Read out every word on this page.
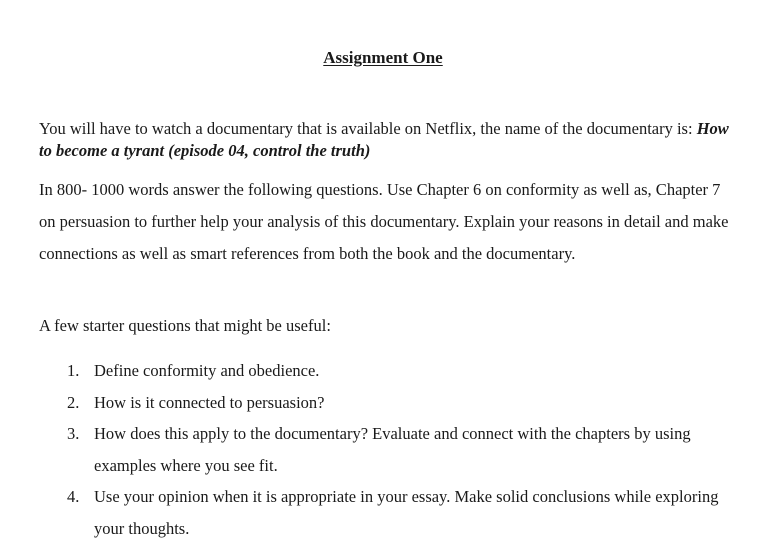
Assignment One
You will have to watch a documentary that is available on Netflix, the name of the documentary is: How to become a tyrant (episode 04, control the truth)
In 800- 1000 words answer the following questions. Use Chapter 6 on conformity as well as, Chapter 7 on persuasion to further help your analysis of this documentary. Explain your reasons in detail and make connections as well as smart references from both the book and the documentary.
A few starter questions that might be useful:
1. Define conformity and obedience.
2. How is it connected to persuasion?
3. How does this apply to the documentary? Evaluate and connect with the chapters by using examples where you see fit.
4. Use your opinion when it is appropriate in your essay. Make solid conclusions while exploring your thoughts.
